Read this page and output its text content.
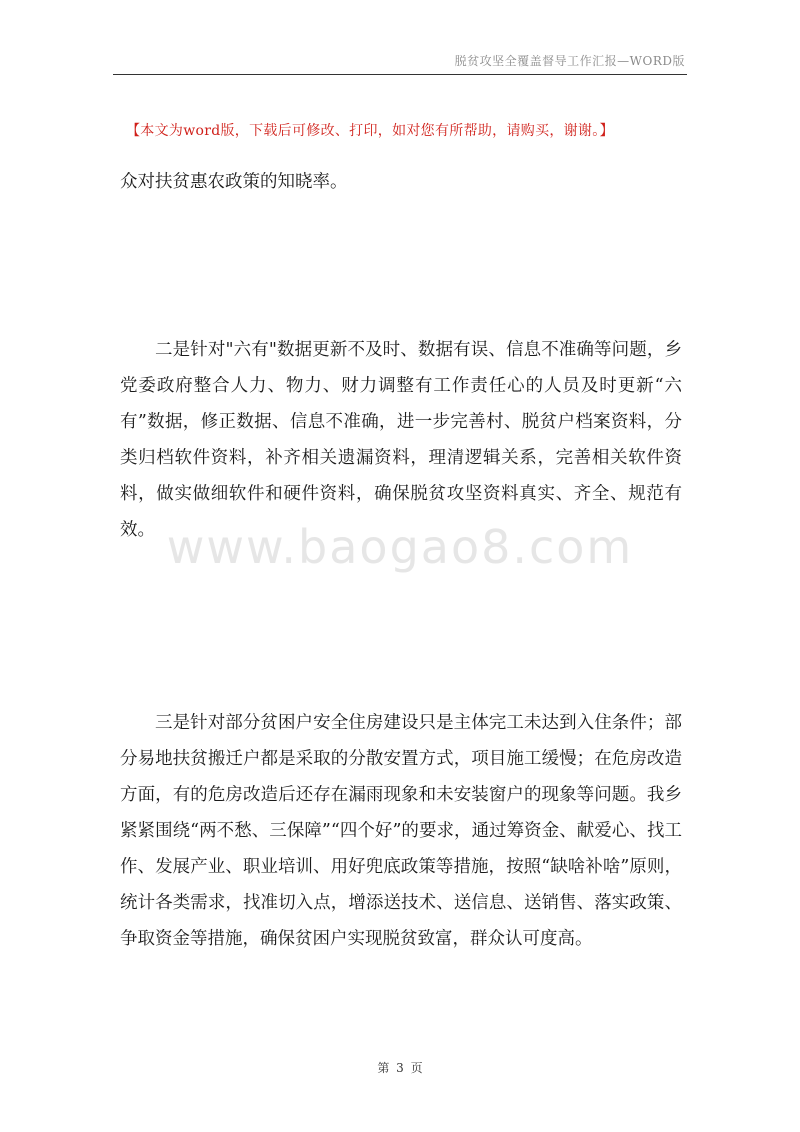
脱贫攻坚全覆盖督导工作汇报—WORD版
【本文为word版，下载后可修改、打印，如对您有所帮助，请购买，谢谢。】

众对扶贫惠农政策的知晓率。

二是针对"六有"数据更新不及时、数据有误、信息不准确等问题，乡党委政府整合人力、物力、财力调整有工作责任心的人员及时更新“六有”数据，修正数据、信息不准确，进一步完善村、脱贫户档案资料，分类归档软件资料，补齐相关遗漏资料，理清逻辑关系，完善相关软件资料，做实做细软件和硬件资料，确保脱贫攻坚资料真实、齐全、规范有效。

三是针对部分贫困户安全住房建设只是主体完工未达到入住条件；部分易地扶贫搬迁户都是采取的分散安置方式，项目施工缓慢；在危房改造方面，有的危房改造后还存在漏雨现象和未安装窗户的现象等问题。我乡紧紧围绕“两不愁、三保障”“四个好”的要求，通过筹资金、献爱心、找工作、发展产业、职业培训、用好兜底政策等措施，按照“缺啥补啥”原则，统计各类需求，找准切入点，增添送技术、送信息、送销售、落实政策、争取资金等措施，确保贫困户实现脱贫致富，群众认可度高。

www.baogao8.com
第 3 页
